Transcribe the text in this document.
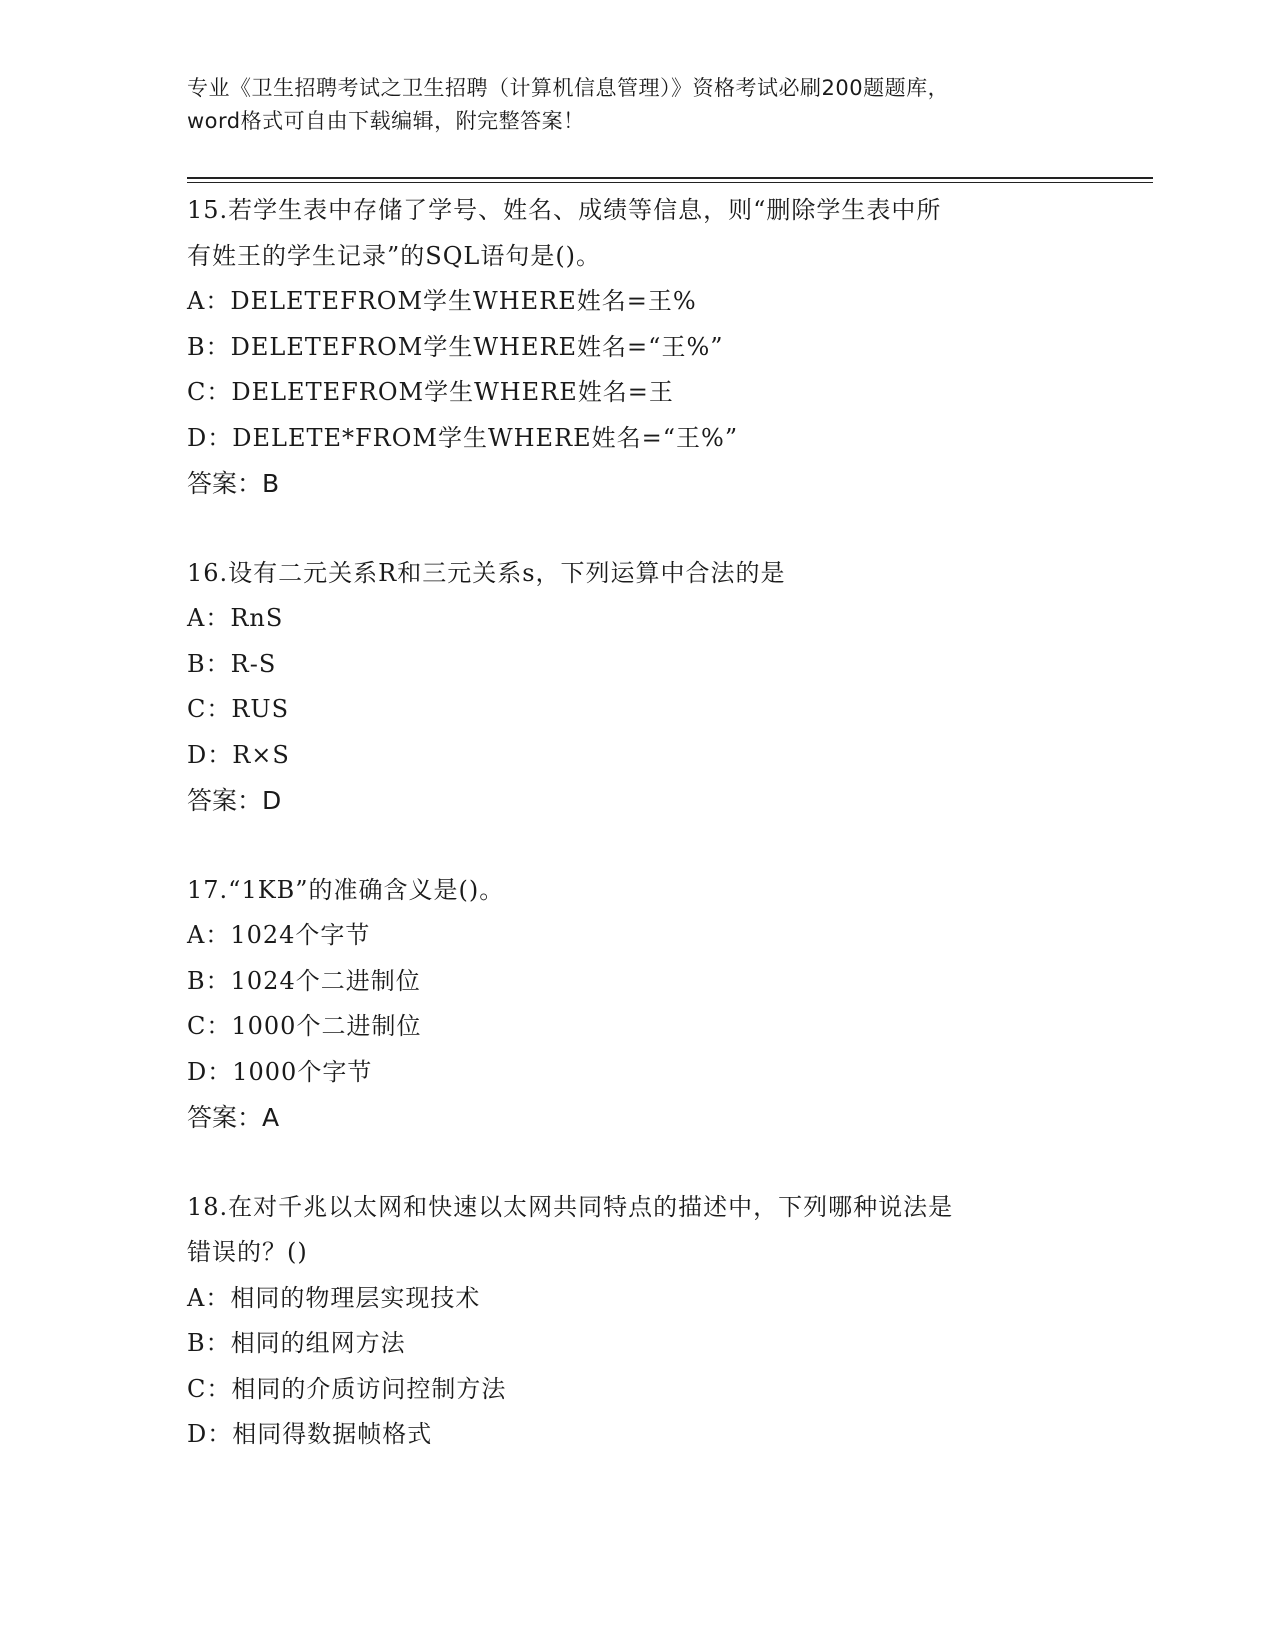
专业《卫生招聘考试之卫生招聘（计算机信息管理）》资格考试必刷200题题库，
word格式可自由下载编辑，附完整答案！

15.若学生表中存储了学号、姓名、成绩等信息，则“删除学生表中所

有姓王的学生记录”的SQL语句是()。

A：DELETEFROM学生WHERE姓名=王%

B：DELETEFROM学生WHERE姓名=“王%”

C：DELETEFROM学生WHERE姓名=王

D：DELETE*FROM学生WHERE姓名=“王%”

答案：B

16.设有二元关系R和三元关系s，下列运算中合法的是

A：RnS

B：R-S

C：RUS

D：R×S

答案：D

17.“1KB”的准确含义是()。

A：1024个字节

B：1024个二进制位

C：1000个二进制位

D：1000个字节

答案：A

18.在对千兆以太网和快速以太网共同特点的描述中，下列哪种说法是

错误的？()

A：相同的物理层实现技术

B：相同的组网方法

C：相同的介质访问控制方法

D：相同得数据帧格式
